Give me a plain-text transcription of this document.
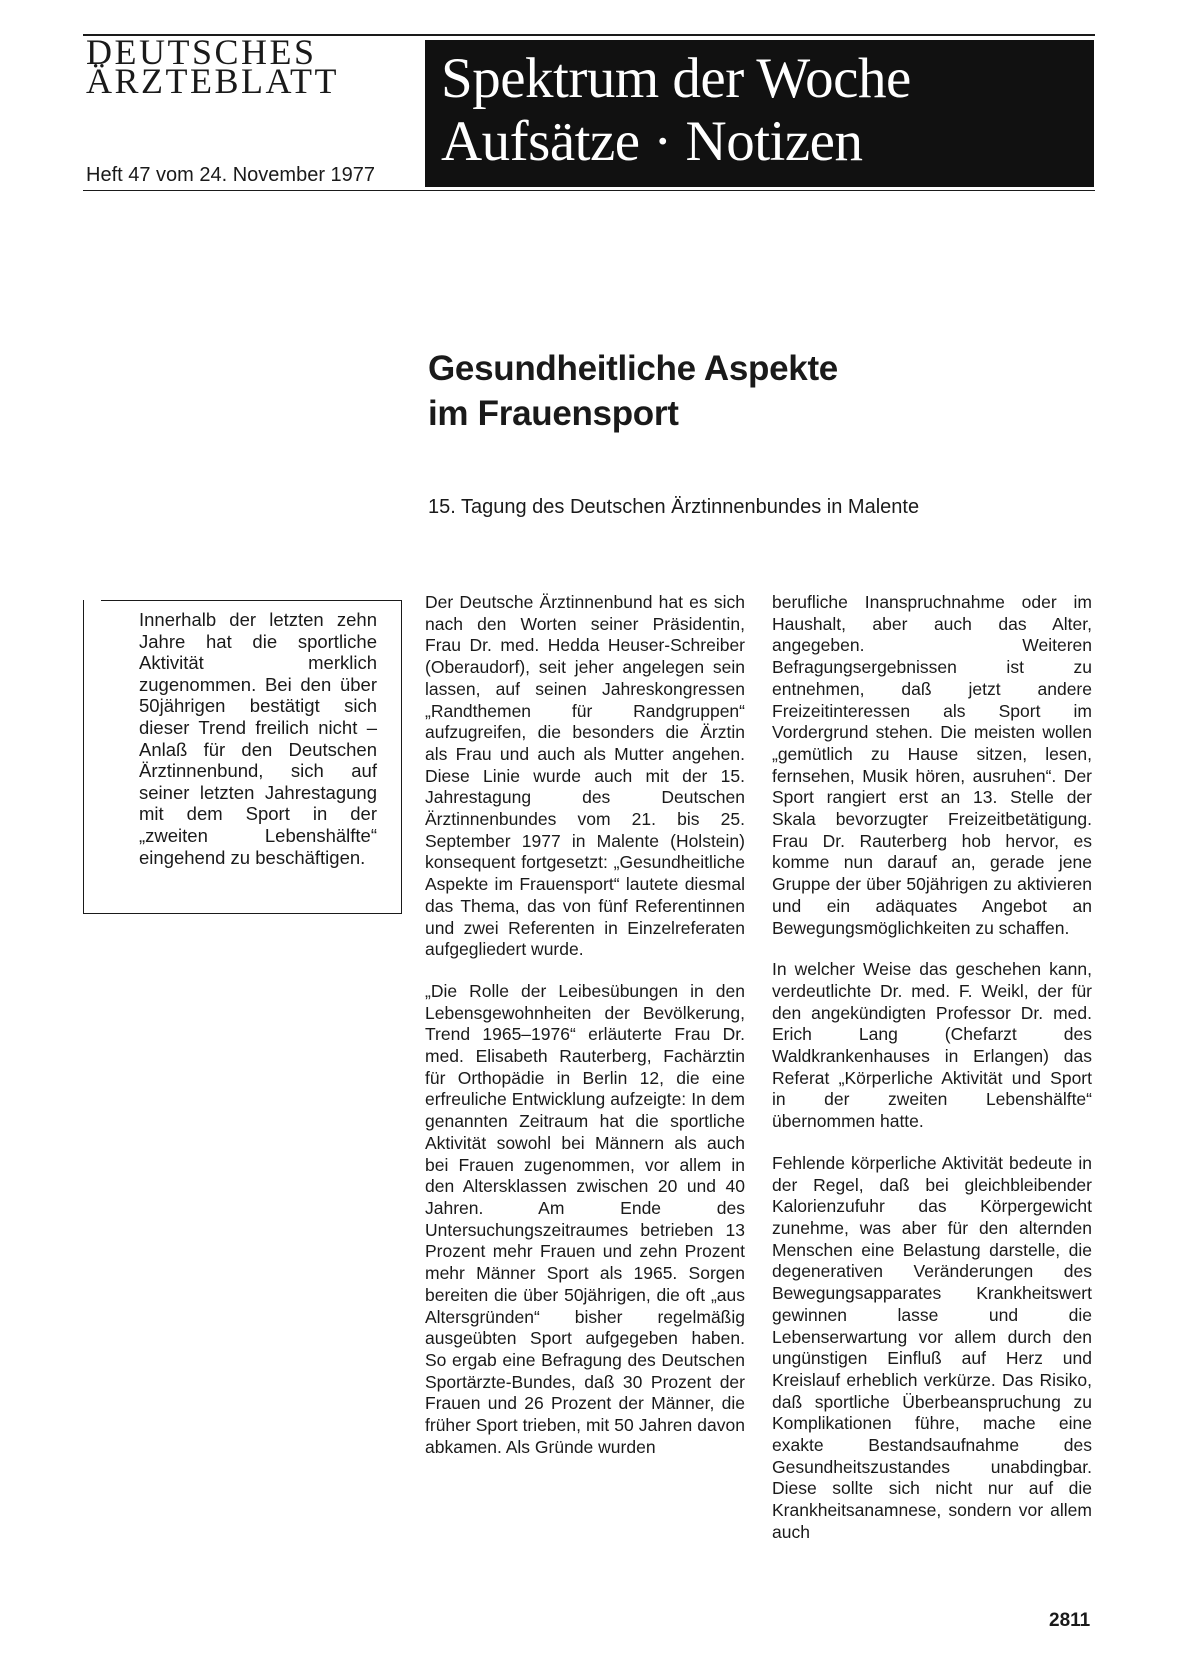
DEUTSCHES
ÄRZTEBLATT
Heft 47 vom 24. November 1977
Spektrum der Woche
Aufsätze · Notizen
Gesundheitliche Aspekte
im Frauensport
15. Tagung des Deutschen Ärztinnenbundes in Malente
Innerhalb der letzten zehn Jahre hat die sportliche Aktivität merklich zugenommen. Bei den über 50jährigen bestätigt sich dieser Trend freilich nicht – Anlaß für den Deutschen Ärztinnenbund, sich auf seiner letzten Jahrestagung mit dem Sport in der „zweiten Lebenshälfte“ eingehend zu beschäftigen.

Der Deutsche Ärztinnenbund hat es sich nach den Worten seiner Präsidentin, Frau Dr. med. Hedda Heuser-Schreiber (Oberaudorf), seit jeher angelegen sein lassen, auf seinen Jahreskongressen „Randthemen für Randgruppen“ aufzugreifen, die besonders die Ärztin als Frau und auch als Mutter angehen. Diese Linie wurde auch mit der 15. Jahrestagung des Deutschen Ärztinnenbundes vom 21. bis 25. September 1977 in Malente (Holstein) konsequent fortgesetzt: „Gesundheitliche Aspekte im Frauensport“ lautete diesmal das Thema, das von fünf Referentinnen und zwei Referenten in Einzelreferaten aufgegliedert wurde.

„Die Rolle der Leibesübungen in den Lebensgewohnheiten der Bevölkerung, Trend 1965–1976“ erläuterte Frau Dr. med. Elisabeth Rauterberg, Fachärztin für Orthopädie in Berlin 12, die eine erfreuliche Entwicklung aufzeigte: In dem genannten Zeitraum hat die sportliche Aktivität sowohl bei Männern als auch bei Frauen zugenommen, vor allem in den Altersklassen zwischen 20 und 40 Jahren. Am Ende des Untersuchungszeitraumes betrieben 13 Prozent mehr Frauen und zehn Prozent mehr Männer Sport als 1965. Sorgen bereiten die über 50jährigen, die oft „aus Altersgründen“ bisher regelmäßig ausgeübten Sport aufgegeben haben. So ergab eine Befragung des Deutschen Sportärzte-Bundes, daß 30 Prozent der Frauen und 26 Prozent der Männer, die früher Sport trieben, mit 50 Jahren davon abkamen. Als Gründe wurden

berufliche Inanspruchnahme oder im Haushalt, aber auch das Alter, angegeben. Weiteren Befragungsergebnissen ist zu entnehmen, daß jetzt andere Freizeitinteressen als Sport im Vordergrund stehen. Die meisten wollen „gemütlich zu Hause sitzen, lesen, fernsehen, Musik hören, ausruhen“. Der Sport rangiert erst an 13. Stelle der Skala bevorzugter Freizeitbetätigung. Frau Dr. Rauterberg hob hervor, es komme nun darauf an, gerade jene Gruppe der über 50jährigen zu aktivieren und ein adäquates Angebot an Bewegungsmöglichkeiten zu schaffen.

In welcher Weise das geschehen kann, verdeutlichte Dr. med. F. Weikl, der für den angekündigten Professor Dr. med. Erich Lang (Chefarzt des Waldkrankenhauses in Erlangen) das Referat „Körperliche Aktivität und Sport in der zweiten Lebenshälfte“ übernommen hatte.

Fehlende körperliche Aktivität bedeute in der Regel, daß bei gleichbleibender Kalorienzufuhr das Körpergewicht zunehme, was aber für den alternden Menschen eine Belastung darstelle, die degenerativen Veränderungen des Bewegungsapparates Krankheitswert gewinnen lasse und die Lebenserwartung vor allem durch den ungünstigen Einfluß auf Herz und Kreislauf erheblich verkürze. Das Risiko, daß sportliche Überbeanspruchung zu Komplikationen führe, mache eine exakte Bestandsaufnahme des Gesundheitszustandes unabdingbar. Diese sollte sich nicht nur auf die Krankheitsanamnese, sondern vor allem auch

2811
